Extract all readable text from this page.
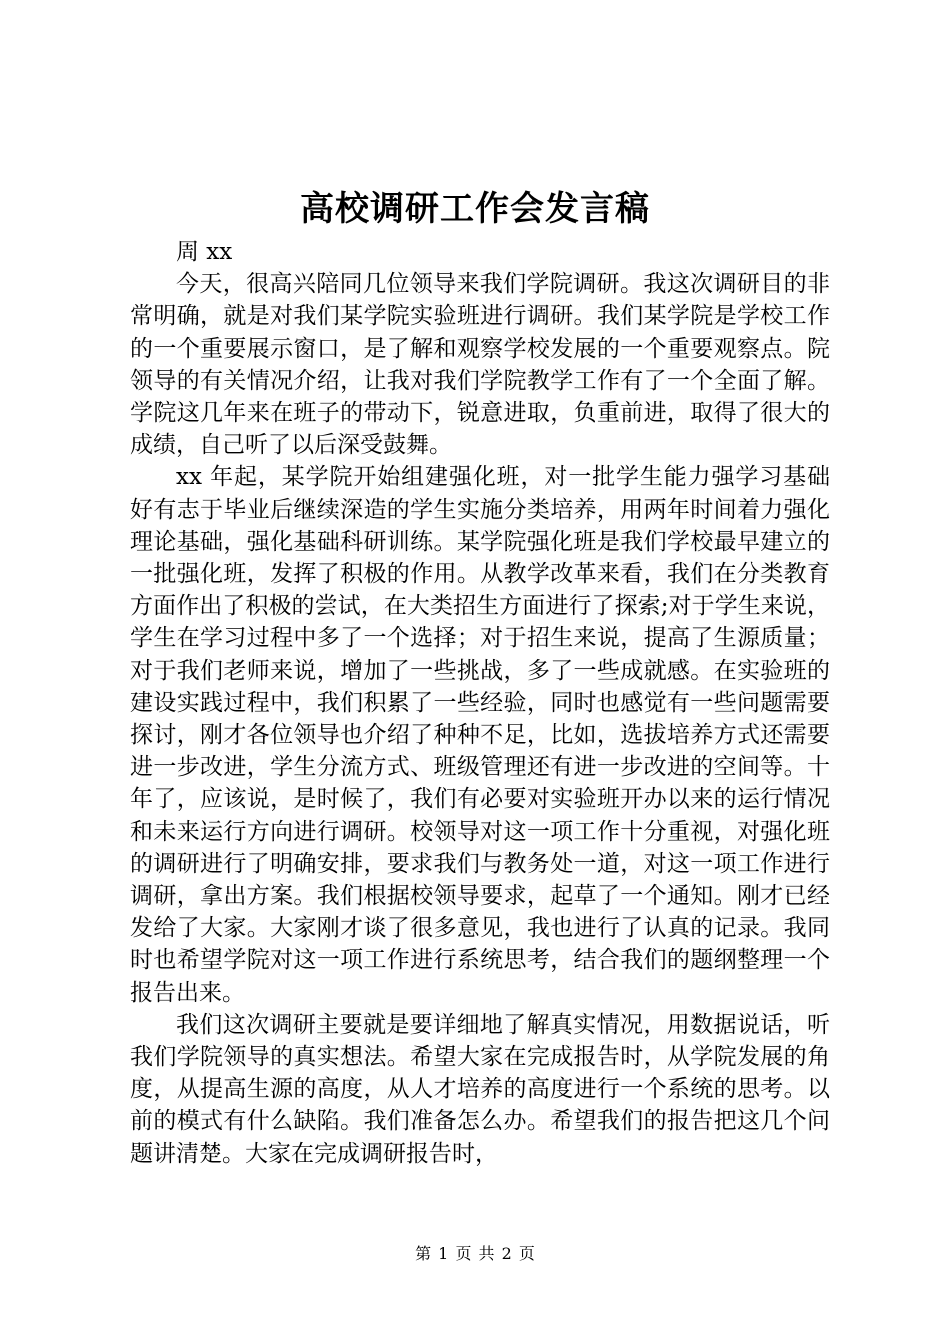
高校调研工作会发言稿

周 xx

今天，很高兴陪同几位领导来我们学院调研。我这次调研目的非常明确，就是对我们某学院实验班进行调研。我们某学院是学校工作的一个重要展示窗口，是了解和观察学校发展的一个重要观察点。院领导的有关情况介绍，让我对我们学院教学工作有了一个全面了解。学院这几年来在班子的带动下，锐意进取，负重前进，取得了很大的成绩，自己听了以后深受鼓舞。

xx 年起，某学院开始组建强化班，对一批学生能力强学习基础好有志于毕业后继续深造的学生实施分类培养，用两年时间着力强化理论基础，强化基础科研训练。某学院强化班是我们学校最早建立的一批强化班，发挥了积极的作用。从教学改革来看，我们在分类教育方面作出了积极的尝试，在大类招生方面进行了探索;对于学生来说，学生在学习过程中多了一个选择；对于招生来说，提高了生源质量；对于我们老师来说，增加了一些挑战，多了一些成就感。在实验班的建设实践过程中，我们积累了一些经验，同时也感觉有一些问题需要探讨，刚才各位领导也介绍了种种不足，比如，选拔培养方式还需要进一步改进，学生分流方式、班级管理还有进一步改进的空间等。十年了，应该说，是时候了，我们有必要对实验班开办以来的运行情况和未来运行方向进行调研。校领导对这一项工作十分重视，对强化班的调研进行了明确安排，要求我们与教务处一道，对这一项工作进行调研，拿出方案。我们根据校领导要求，起草了一个通知。刚才已经发给了大家。大家刚才谈了很多意见，我也进行了认真的记录。我同时也希望学院对这一项工作进行系统思考，结合我们的题纲整理一个报告出来。

我们这次调研主要就是要详细地了解真实情况，用数据说话，听我们学院领导的真实想法。希望大家在完成报告时，从学院发展的角度，从提高生源的高度，从人才培养的高度进行一个系统的思考。以前的模式有什么缺陷。我们准备怎么办。希望我们的报告把这几个问题讲清楚。大家在完成调研报告时，

第 1 页 共 2 页
